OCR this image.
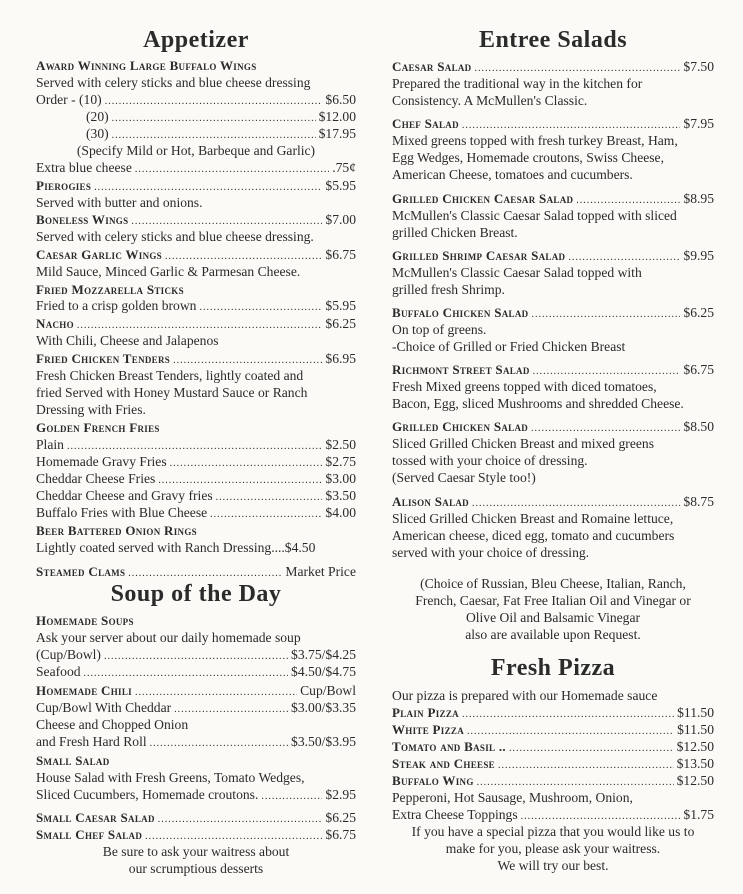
Appetizer
Award Winning Large Buffalo Wings
Served with celery sticks and blue cheese dressing
Order - (10) .....	$6.50
(20) .....	$12.00
(30) .....	$17.95
(Specify Mild or Hot, Barbeque and Garlic)
Extra blue cheese .....	.75¢
Pierogies .....	$5.95
Served with butter and onions.
Boneless Wings .....	$7.00
Served with celery sticks and blue cheese dressing.
Caesar Garlic Wings .....	$6.75
Mild Sauce, Minced Garlic & Parmesan Cheese.
Fried Mozzarella Sticks
Fried to a crisp golden brown .....	$5.95
Nacho .....	$6.25
With Chili, Cheese and Jalapenos
Fried Chicken Tenders .....	$6.95
Fresh Chicken Breast Tenders, lightly coated and
fried Served with Honey Mustard Sauce or Ranch
Dressing with Fries.
Golden French Fries
Plain .....	$2.50
Homemade Gravy Fries .....	$2.75
Cheddar Cheese Fries .....	$3.00
Cheddar Cheese and Gravy fries .....	$3.50
Buffalo Fries with Blue Cheese .....	$4.00
Beer Battered Onion Rings
Lightly coated served with Ranch Dressing.... $4.50
Steamed Clams .....	Market Price
Soup of the Day
Homemade Soups
Ask your server about our daily homemade soup
(Cup/Bowl) .....	$3.75/$4.25
Seafood .....	$4.50/$4.75
Homemade Chili .....	Cup/Bowl
Cup/Bowl With Cheddar .....	$3.00/$3.35
Cheese and Chopped Onion
and Fresh Hard Roll .....	$3.50/$3.95
Small Salad
House Salad with Fresh Greens, Tomato Wedges,
Sliced Cucumbers, Homemade croutons. .....	$2.95
Small Caesar Salad .....	$6.25
Small Chef Salad .....	$6.75
Be sure to ask your waitress about
our scrumptious desserts
Entree Salads
Caesar Salad .....	$7.50
Prepared the traditional way in the kitchen for
Consistency. A McMullen's Classic.
Chef Salad .....	$7.95
Mixed greens topped with fresh turkey Breast, Ham,
Egg Wedges, Homemade croutons, Swiss Cheese,
American Cheese, tomatoes and cucumbers.
Grilled Chicken Caesar Salad .....	$8.95
McMullen's Classic Caesar Salad topped with sliced
grilled Chicken Breast.
Grilled Shrimp Caesar Salad .....	$9.95
McMullen's Classic Caesar Salad topped with
grilled fresh Shrimp.
Buffalo Chicken Salad .....	$6.25
On top of greens.
-Choice of Grilled or Fried Chicken Breast
Richmont Street Salad .....	$6.75
Fresh Mixed greens topped with diced tomatoes,
Bacon, Egg, sliced Mushrooms and shredded Cheese.
Grilled Chicken Salad .....	$8.50
Sliced Grilled Chicken Breast and mixed greens
tossed with your choice of dressing.
(Served Caesar Style too!)
Alison Salad .....	$8.75
Sliced Grilled Chicken Breast and Romaine lettuce,
American cheese, diced egg, tomato and cucumbers
served with your choice of dressing.
(Choice of Russian, Bleu Cheese, Italian, Ranch,
French, Caesar, Fat Free Italian Oil and Vinegar or
Olive Oil and Balsamic Vinegar
also are available upon Request.
Fresh Pizza
Our pizza is prepared with our Homemade sauce
Plain Pizza .....	$11.50
White Pizza .....	$11.50
Tomato and Basil .. .....	$12.50
Steak and Cheese .....	$13.50
Buffalo Wing .....	$12.50
Pepperoni, Hot Sausage, Mushroom, Onion,
Extra Cheese Toppings .....	$1.75
If you have a special pizza that you would like us to
make for you, please ask your waitress.
We will try our best.
